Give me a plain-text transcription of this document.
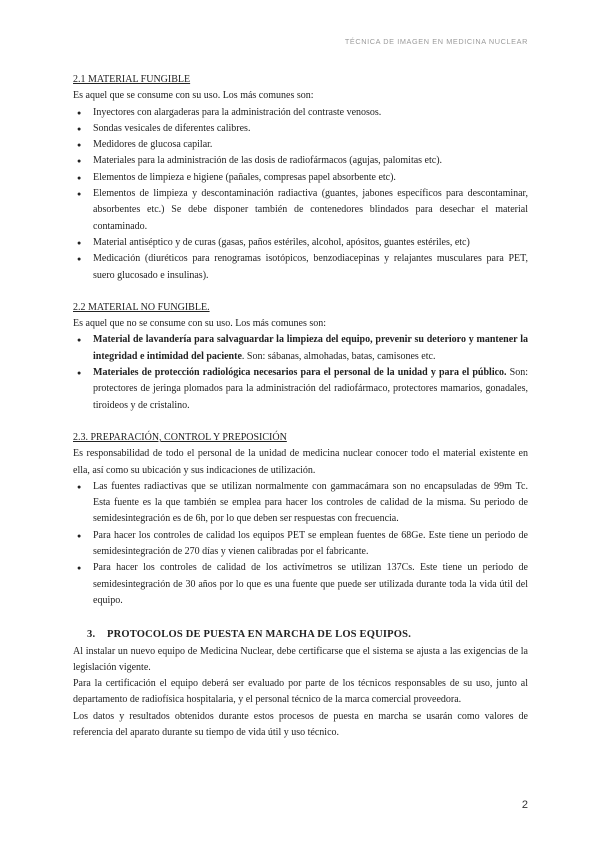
TÉCNICA DE IMAGEN EN MEDICINA NUCLEAR
2.1 MATERIAL FUNGIBLE

Es aquel que se consume con su uso. Los más comunes son:

● Inyectores con alargaderas para la administración del contraste venosos.
● Sondas vesicales de diferentes calibres.
● Medidores de glucosa capilar.
● Materiales para la administración de las dosis de radiofármacos (agujas, palomitas etc).
● Elementos de limpieza e higiene (pañales, compresas papel absorbente etc).
● Elementos de limpieza y descontaminación radiactiva (guantes, jabones específicos para descontaminar, absorbentes etc.) Se debe disponer también de contenedores blindados para desechar el material contaminado.
● Material antiséptico y de curas (gasas, paños estériles, alcohol, apósitos, guantes estériles, etc)
● Medicación (diuréticos para renogramas isotópicos, benzodiacepinas y relajantes musculares para PET, suero glucosado e insulinas).
2.2 MATERIAL NO FUNGIBLE.

Es aquel que no se consume con su uso. Los más comunes son:

● Material de lavandería para salvaguardar la limpieza del equipo, prevenir su deterioro y mantener la integridad e intimidad del paciente. Son: sábanas, almohadas, batas, camisones etc.
● Materiales de protección radiológica necesarios para el personal de la unidad y para el público. Son: protectores de jeringa plomados para la administración del radiofármaco, protectores mamarios, gonadales, tiroideos y de cristalino.
2.3. PREPARACIÓN, CONTROL Y PREPOSICIÓN

Es responsabilidad de todo el personal de la unidad de medicina nuclear conocer todo el material existente en ella, así como su ubicación y sus indicaciones de utilización.

● Las fuentes radiactivas que se utilizan normalmente con gammacámara son no encapsuladas de 99m Tc. Esta fuente es la que también se emplea para hacer los controles de calidad de la misma. Su periodo de semidesintegración es de 6h, por lo que deben ser respuestas con frecuencia.
● Para hacer los controles de calidad los equipos PET se emplean fuentes de 68Ge. Este tiene un periodo de semidesintegración de 270 días y vienen calibradas por el fabricante.
● Para hacer los controles de calidad de los activímetros se utilizan 137Cs. Este tiene un periodo de semidesintegración de 30 años por lo que es una fuente que puede ser utilizada durante toda la vida útil del equipo.
3. PROTOCOLOS DE PUESTA EN MARCHA DE LOS EQUIPOS.

Al instalar un nuevo equipo de Medicina Nuclear, debe certificarse que el sistema se ajusta a las exigencias de la legislación vigente.

Para la certificación el equipo deberá ser evaluado por parte de los técnicos responsables de su uso, junto al departamento de radiofísica hospitalaria, y el personal técnico de la marca comercial proveedora.

Los datos y resultados obtenidos durante estos procesos de puesta en marcha se usarán como valores de referencia del aparato durante su tiempo de vida útil y uso técnico.

2
